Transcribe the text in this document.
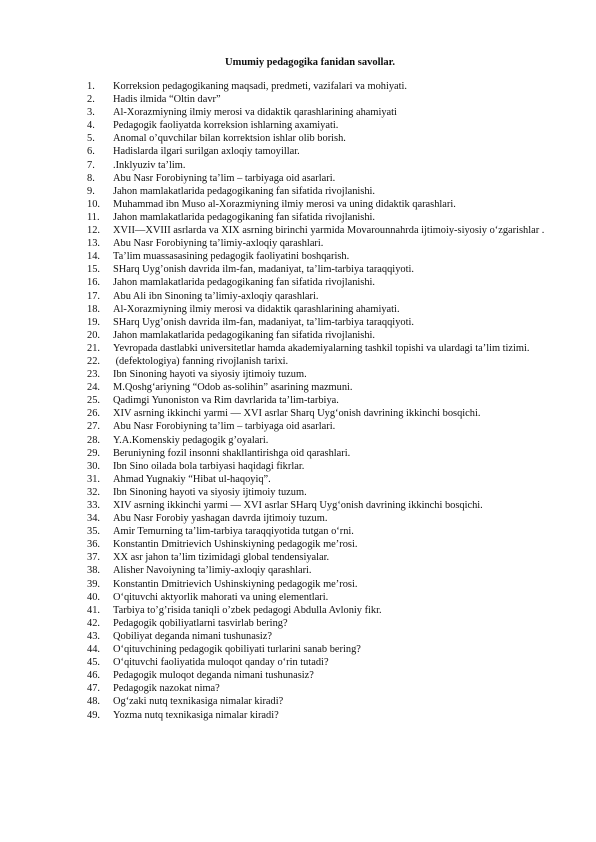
Umumiy pedagogika fanidan savollar.
1. Korreksion pedagogikaning maqsadi, predmeti, vazifalari va mohiyati.
2. Hadis ilmida “Oltin davr”
3. Al-Xorazmiyning ilmiy merosi va didaktik qarashlarining ahamiyati
4. Pedagogik faoliyatda korreksion ishlarning axamiyati.
5. Anomal o’quvchilar bilan korrektsion ishlar olib borish.
6. Hadislarda ilgari surilgan axloqiy tamoyillar.
7. .Inklyuziv ta’lim.
8. Abu Nasr Forobiyning ta’lim – tarbiyaga oid asarlari.
9. Jahon mamlakatlarida pedagogikaning fan sifatida rivojlanishi.
10. Muhammad ibn Muso al-Xorazmiyning ilmiy merosi va uning didaktik qarashlari.
11. Jahon mamlakatlarida pedagogikaning fan sifatida rivojlanishi.
12. XVII—XVIII asrlarda va XIX asrning birinchi yarmida Movarounnahrda ijtimoiy-siyosiy o‘zgarishlar .
13. Abu Nasr Forobiyning ta’limiy-axloqiy qarashlari.
14. Ta’lim muassasasining pedagogik faoliyatini boshqarish.
15. SHarq Uyg’onish davrida ilm-fan, madaniyat, ta’lim-tarbiya taraqqiyoti.
16. Jahon mamlakatlarida pedagogikaning fan sifatida rivojlanishi.
17. Abu Ali ibn Sinoning ta’limiy-axloqiy qarashlari.
18. Al-Xorazmiyning ilmiy merosi va didaktik qarashlarining ahamiyati.
19. SHarq Uyg’onish davrida ilm-fan, madaniyat, ta’lim-tarbiya taraqqiyoti.
20. Jahon mamlakatlarida pedagogikaning fan sifatida rivojlanishi.
21. Yevropada dastlabki universitetlar hamda akademiyalarning tashkil topishi va ulardagi ta’lim tizimi.
22. (defektologiya) fanning rivojlanish tarixi.
23. Ibn Sinoning hayoti va siyosiy ijtimoiy tuzum.
24. M.Qoshg‘ariyning “Odob as-solihin” asarining mazmuni.
25. Qadimgi Yunoniston va Rim davrlarida ta’lim-tarbiya.
26. XIV asrning ikkinchi yarmi — XVI asrlar Sharq Uyg‘onish davrining ikkinchi bosqichi.
27. Abu Nasr Forobiyning ta’lim – tarbiyaga oid asarlari.
28. Y.A.Komenskiy pedagogik g’oyalari.
29. Beruniyning fozil insonni shakllantirishga oid qarashlari.
30. Ibn Sino oilada bola tarbiyasi haqidagi fikrlar.
31. Ahmad Yugnakiy “Hibat ul-haqoyiq”.
32. Ibn Sinoning hayoti va siyosiy ijtimoiy tuzum.
33. XIV asrning ikkinchi yarmi — XVI asrlar SHarq Uyg‘onish davrining ikkinchi bosqichi.
34. Abu Nasr Forobiy yashagan davrda ijtimoiy tuzum.
35. Amir Temurning ta’lim-tarbiya taraqqiyotida tutgan o‘rni.
36. Konstantin Dmitrievich Ushinskiyning pedagogik me’rosi.
37. XX asr jahon ta’lim tizimidagi global tendensiyalar.
38. Alisher Navoiyning ta’limiy-axloqiy qarashlari.
39. Konstantin Dmitrievich Ushinskiyning pedagogik me’rosi.
40. O‘qituvchi aktyorlik mahorati va uning elementlari.
41. Tarbiya to’g’risida taniqli o’zbek pedagogi Abdulla Avloniy fikr.
42. Pedagogik qobiliyatlarni tasvirlab bering?
43. Qobiliyat deganda nimani tushunasiz?
44. O‘qituvchining pedagogik qobiliyati turlarini sanab bering?
45. O‘qituvchi faoliyatida muloqot qanday o‘rin tutadi?
46. Pedagogik muloqot deganda nimani tushunasiz?
47. Pedagogik nazokat nima?
48. Og‘zaki nutq texnikasiga nimalar kiradi?
49. Yozma nutq texnikasiga nimalar kiradi?
